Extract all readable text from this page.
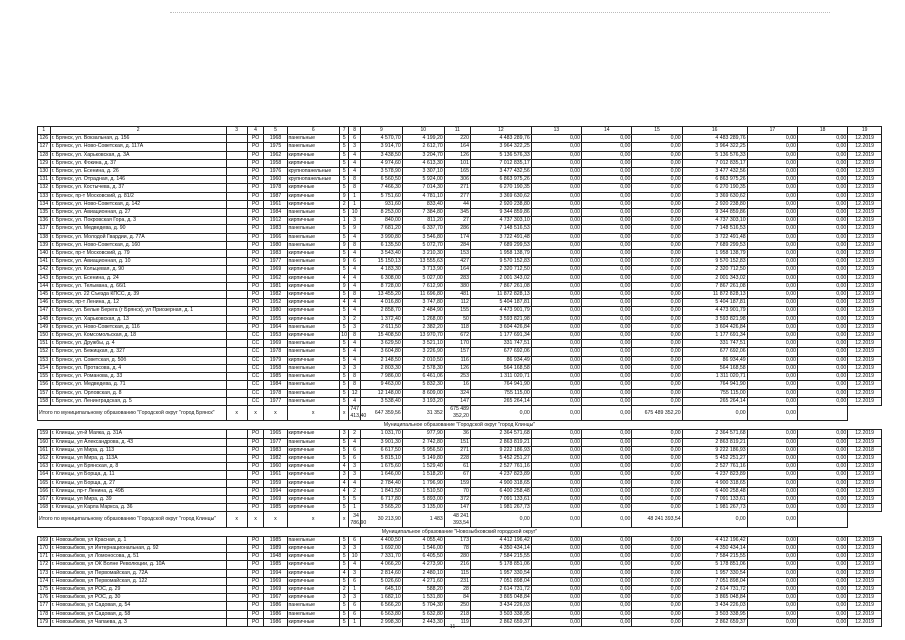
1	2	3	4	5	6	7	8	9	10	11	12	13	14	15	16	17	18	19
126	г. Брянск, ул. Вокзальная, д. 156		РО	1968	панельные	5	6	4 570,70	4 199,20	220	4 483 289,76	0,00	0,00	0,00	4 483 289,76	0,00	0,00	12.2019
127	г. Брянск, ул. Ново-Советская, д. 117А		РО	1975	панельные	5	3	3 914,70	2 612,70	164	3 964 322,25	0,00	0,00	0,00	3 964 322,25	0,00	0,00	12.2019
128	г. Брянск, ул. Харьковская, д. 3А		РО	1962	кирпичные	5	4	3 438,50	3 204,70	126	5 136 576,33	0,00	0,00	0,00	5 136 576,33	0,00	0,00	12.2019
129	г. Брянск, ул. Фокина, д. 37		РО	1958	кирпичные	5	4	4 974,60	4 613,30	101	7 012 835,17	0,00	0,00	0,00	7 012 835,17	0,00	0,00	12.2019
130	г. Брянск, ул. Есенина, д. 26		РО	1976	крупнопанельные	5	4	3 578,90	3 307,10	165	3 477 432,56	0,00	0,00	0,00	3 477 432,56	0,00	0,00	12.2019
131	г. Брянск, ул. Отрадная, д. 146		РО	1960	крупнопанельные	5	8	6 560,50	5 924,00	306	6 863 975,26	0,00	0,00	0,00	6 863 975,26	0,00	0,00	12.2019
132	г. Брянск, ул. Костычева, д. 37		РО	1978	кирпичные	5	8	7 466,30	7 014,30	271	6 270 190,35	0,00	0,00	0,00	6 270 190,35	0,00	0,00	12.2019
133	г. Брянск, пр-т Московский, д. 81/2		РО	1987	кирпичные	9	1	5 751,60	4 781,10	277	3 369 630,62	0,00	0,00	0,00	3 369 630,62	0,00	0,00	12.2019
134	г. Брянск, ул. Ново-Советская, д. 142		РО	1961	кирпичные	2	1	931,60	833,40	44	2 920 238,80	0,00	0,00	0,00	2 920 238,80	0,00	0,00	12.2019
135	г. Брянск, ул. Авиационная, д. 27		РО	1984	панельные	5	10	8 253,00	7 384,80	345	9 344 859,86	0,00	0,00	0,00	9 344 859,86	0,00	0,00	12.2019
136	г. Брянск, ул. Покровская Гора, д. 3		РО	1912	кирпичные	1	3	840,00	811,20	27	4 737 303,10	0,00	0,00	0,00	4 737 303,10	0,00	0,00	12.2019
137	г. Брянск, ул. Медведева, д. 90		РО	1983	панельные	5	9	7 681,20	6 337,70	286	7 148 516,53	0,00	0,00	0,00	7 148 516,53	0,00	0,00	12.2019
138	г. Брянск, ул. Молодой Гвардии, д. 77А		РО	1966	панельные	5	4	3 990,80	3 546,80	174	3 722 491,48	0,00	0,00	0,00	3 722 491,48	0,00	0,00	12.2019
139	г. Брянск, ул. Ново-Советская, д. 160		РО	1980	панельные	9	8	6 135,50	5 072,70	284	7 689 299,53	0,00	0,00	0,00	7 689 299,53	0,00	0,00	12.2019
140	г. Брянск, пр-т Московский, д. 79		РО	1983	кирпичные	5	4	3 543,40	3 210,30	153	1 958 138,79	0,00	0,00	0,00	1 958 138,79	0,00	0,00	12.2019
141	г. Брянск, ул. Авиационная, д. 10		РО	1977	панельные	9	6	15 150,13	13 555,63	427	9 570 152,83	0,00	0,00	0,00	9 570 152,83	0,00	0,00	12.2019
142	г. Брянск, ул. Кольцевая, д. 90		РО	1969	кирпичные	5	4	4 183,30	3 713,90	164	2 320 712,50	0,00	0,00	0,00	2 320 712,50	0,00	0,00	12.2019
143	г. Брянск, ул. Есенина, д. 24		РО	1962	кирпичные	4	4	6 308,00	5 027,00	283	2 001 343,02	0,00	0,00	0,00	2 001 343,02	0,00	0,00	12.2019
144	г. Брянск, ул. Тельмана, д. 66/1		РО	1981	кирпичные	9	4	8 728,00	7 612,90	380	7 867 261,08	0,00	0,00	0,00	7 867 261,08	0,00	0,00	12.2019
145	г. Брянск, ул. 22 Съезда КПСС, д. 39		РО	1982	кирпичные	5	8	13 455,20	11 696,80	481	11 872 828,13	0,00	0,00	0,00	11 872 828,13	0,00	0,00	12.2019
146	г. Брянск, пр-т Ленина, д. 12		РО	1952	кирпичные	4	4	4 016,80	3 747,80	112	5 404 187,81	0,00	0,00	0,00	5 404 187,81	0,00	0,00	12.2019
147	г. Брянск, ул. Белые Берега (г Брянск), ул Приозерная, д. 1		РО	1980	кирпичные	5	4	2 858,70	2 484,90	155	4 473 901,79	0,00	0,00	0,00	4 473 901,79	0,00	0,00	12.2019
148	г. Брянск, ул. Харьковская, д. 13		РО	1955	кирпичные	3	2	1 372,40	1 268,00	50	3 593 821,98	0,00	0,00	0,00	3 593 821,98	0,00	0,00	12.2019
149	г. Брянск, ул. Ново-Советская, д. 116		РО	1964	панельные	5	3	2 611,50	2 382,20	118	3 604 426,84	0,00	0,00	0,00	3 604 426,84	0,00	0,00	12.2019
150	г. Брянск, ул. Комсомольская, д. 18		СС	1953	кирпичные	10	8	15 408,50	13 970,70	672	1 177 691,34	0,00	0,00	0,00	1 177 691,34	0,00	0,00	12.2019
151	г. Брянск, ул. Дружбы, д. 4		СС	1969	панельные	5	4	3 629,50	3 521,10	170	331 747,51	0,00	0,00	0,00	331 747,51	0,00	0,00	12.2019
152	г. Брянск, ул. Бежицкая, д. 327		СС	1978	панельные	5	4	3 604,80	3 226,90	157	677 692,06	0,00	0,00	0,00	677 692,06	0,00	0,00	12.2019
153	г. Брянск, ул. Советская, д. 50б		СС	1979	кирпичные	5	4	2 148,50	2 010,50	116	86 934,49	0,00	0,00	0,00	86 934,49	0,00	0,00	12.2019
154	г. Брянск, ул. Протасова, д. 4		СС	1958	панельные	3	3	2 803,30	2 578,30	126	564 168,58	0,00	0,00	0,00	564 168,58	0,00	0,00	12.2019
155	г. Брянск, ул. Романова, д. 33		СС	1985	панельные	5	8	7 986,00	6 461,06	253	1 311 020,71	0,00	0,00	0,00	1 311 020,71	0,00	0,00	12.2019
156	г. Брянск, ул. Медведева, д. 71		СС	1984	панельные	5	8	9 463,00	5 832,30	16	764 941,90	0,00	0,00	0,00	764 941,90	0,00	0,00	12.2019
157	г. Брянск, ул. Орловская, д. 8		СС	1978	панельные	5	12	12 148,00	8 609,00	324	755 115,00	0,00	0,00	0,00	755 115,00	0,00	0,00	12.2019
158	г. Брянск, ул. Ленинградская, д. 5		СС	1977	панельные	5	4	3 538,40	3 193,20	147	265 264,14	0,00	0,00	0,00	265 264,14	0,00	0,00	12.2019
Итого по муниципальному образованию "Городской округ "город Брянск"		х	х	х	х	х	747 413,40	647 359,56	31 352	675 489 352,20	0,00	0,00	0,00	675 489 352,20	0,00	0,00		
Муниципальное образование "Городской округ "город Клинцы"																		
159	г. Клинцы, ул-й Маяка, д. 31А		РО	1965	кирпичные	3	2	1 031,70	977,90	36	2 364 571,68	0,00	0,00	0,00	2 364 571,68	0,00	0,00	12.2019
160	г. Клинцы, ул Александрова, д. 43		РО	1977	панельные	5	4	3 901,30	2 742,80	151	2 863 819,21	0,00	0,00	0,00	2 863 819,21	0,00	0,00	12.2019
161	г. Клинцы, ул Мира, д. 113		РО	1983	кирпичные	5	6	6 617,50	5 956,50	271	9 222 186,93	0,00	0,00	0,00	9 222 186,93	0,00	0,00	12.2018
162	г. Клинцы, ул Мира, д. 113А		РО	1982	кирпичные	5	6	5 815,10	5 149,80	228	5 452 251,27	0,00	0,00	0,00	5 452 251,27	0,00	0,00	12.2019
163	г. Клинцы, ул Брянская, д. 8		РО	1960	кирпичные	4	3	1 675,60	1 529,40	61	2 527 761,16	0,00	0,00	0,00	2 527 761,16	0,00	0,00	12.2019
164	г. Клинцы, ул Борща, д. 11		РО	1961	кирпичные	3	3	1 646,00	1 518,20	67	4 237 823,89	0,00	0,00	0,00	4 237 823,89	0,00	0,00	12.2019
165	г. Клинцы, ул Борща, д. 27		РО	1959	кирпичные	4	4	2 784,40	1 796,90	159	4 900 318,65	0,00	0,00	0,00	4 900 318,65	0,00	0,00	12.2019
166	г. Клинцы, пр-т Ленина, д. 49Б		РО	1994	кирпичные	4	2	1 841,50	1 510,50	70	6 400 258,48	0,00	0,00	0,00	6 400 258,48	0,00	0,00	12.2019
167	г. Клинцы, ул Мира, д. 39		РО	1969	кирпичные	5	5	6 717,80	5 893,00	372	7 091 133,61	0,00	0,00	0,00	7 091 133,61	0,00	0,00	12.2019
168	г. Клинцы, ул Карла Маркса, д. 36		РО	1985	кирпичные	5	1	3 565,20	3 135,00	147	1 981 267,73	0,00	0,00	0,00	1 981 267,73	0,00	0,00	12.2019
Итого по муниципальному образованию "Городской округ "город Клинцы"		х	х	х	х	х	34 786,90	30 213,90	1 483	48 241 393,54	0,00	0,00	0,00	48 241 393,54	0,00	0,00		
Муниципальное образование "Новозыбковский городской округ"																		
169	г. Новозыбков, ул Красная, д. 1		РО	1985	панельные	5	6	4 400,50	4 055,40	173	4 412 196,42	0,00	0,00	0,00	4 412 196,42	0,00	0,00	12.2019
170	г. Новозыбков, ул Интернациональная, д. 92		РО	1989	кирпичные	3	3	1 692,00	1 546,00	78	4 350 434,14	0,00	0,00	0,00	4 350 434,14	0,00	0,00	12.2019
171	г. Новозыбков, ул Ломоносова, д. 51		РО	1948	кирпичные	5	10	7 331,70	6 405,50	280	7 584 215,55	0,00	0,00	0,00	7 584 215,55	0,00	0,00	12.2019
172	г. Новозыбков, ул ОК Волне Революции, д. 10А		РО	1985	кирпичные	5	4	4 066,20	4 273,90	216	5 178 851,06	0,00	0,00	0,00	5 178 851,06	0,00	0,00	12.2019
173	г. Новозыбков, ул Первомайская, д. 72А		РО	1994	кирпичные	4	3	2 814,60	2 480,10	115	1 957 330,54	0,00	0,00	0,00	1 957 330,54	0,00	0,00	12.2019
174	г. Новозыбков, ул Первомайская, д. 122		РО	1969	кирпичные	5	6	5 026,60	4 271,60	231	7 051 898,04	0,00	0,00	0,00	7 051 898,04	0,00	0,00	12.2019
175	г. Новозыбков, ул РОС, д. 29		РО	1969	кирпичные	2	1	645,10	588,20	28	2 614 731,72	0,00	0,00	0,00	2 614 731,72	0,00	0,00	12.2019
176	г. Новозыбков, ул РОС, д. 30		РО	1967	кирпичные	3	3	1 682,10	1 531,80	84	3 865 048,84	0,00	0,00	0,00	3 865 048,84	0,00	0,00	12.2019
177	г. Новозыбков, ул Садовая, д. 54		РО	1986	панельные	5	6	6 566,20	5 704,30	250	3 434 226,03	0,00	0,00	0,00	3 434 226,03	0,00	0,00	12.2019
178	г. Новозыбков, ул Садовая, д. 58		РО	1986	панельные	5	6	6 563,80	5 632,80	218	3 503 338,95	0,00	0,00	0,00	3 503 338,95	0,00	0,00	12.2019
179	г. Новозыбков, ул Чапаева, д. 3		РО	1986	кирпичные	5	1	2 998,30	2 443,30	119	2 862 659,37	0,00	0,00	0,00	2 862 659,37	0,00	0,00	12.2019
11
